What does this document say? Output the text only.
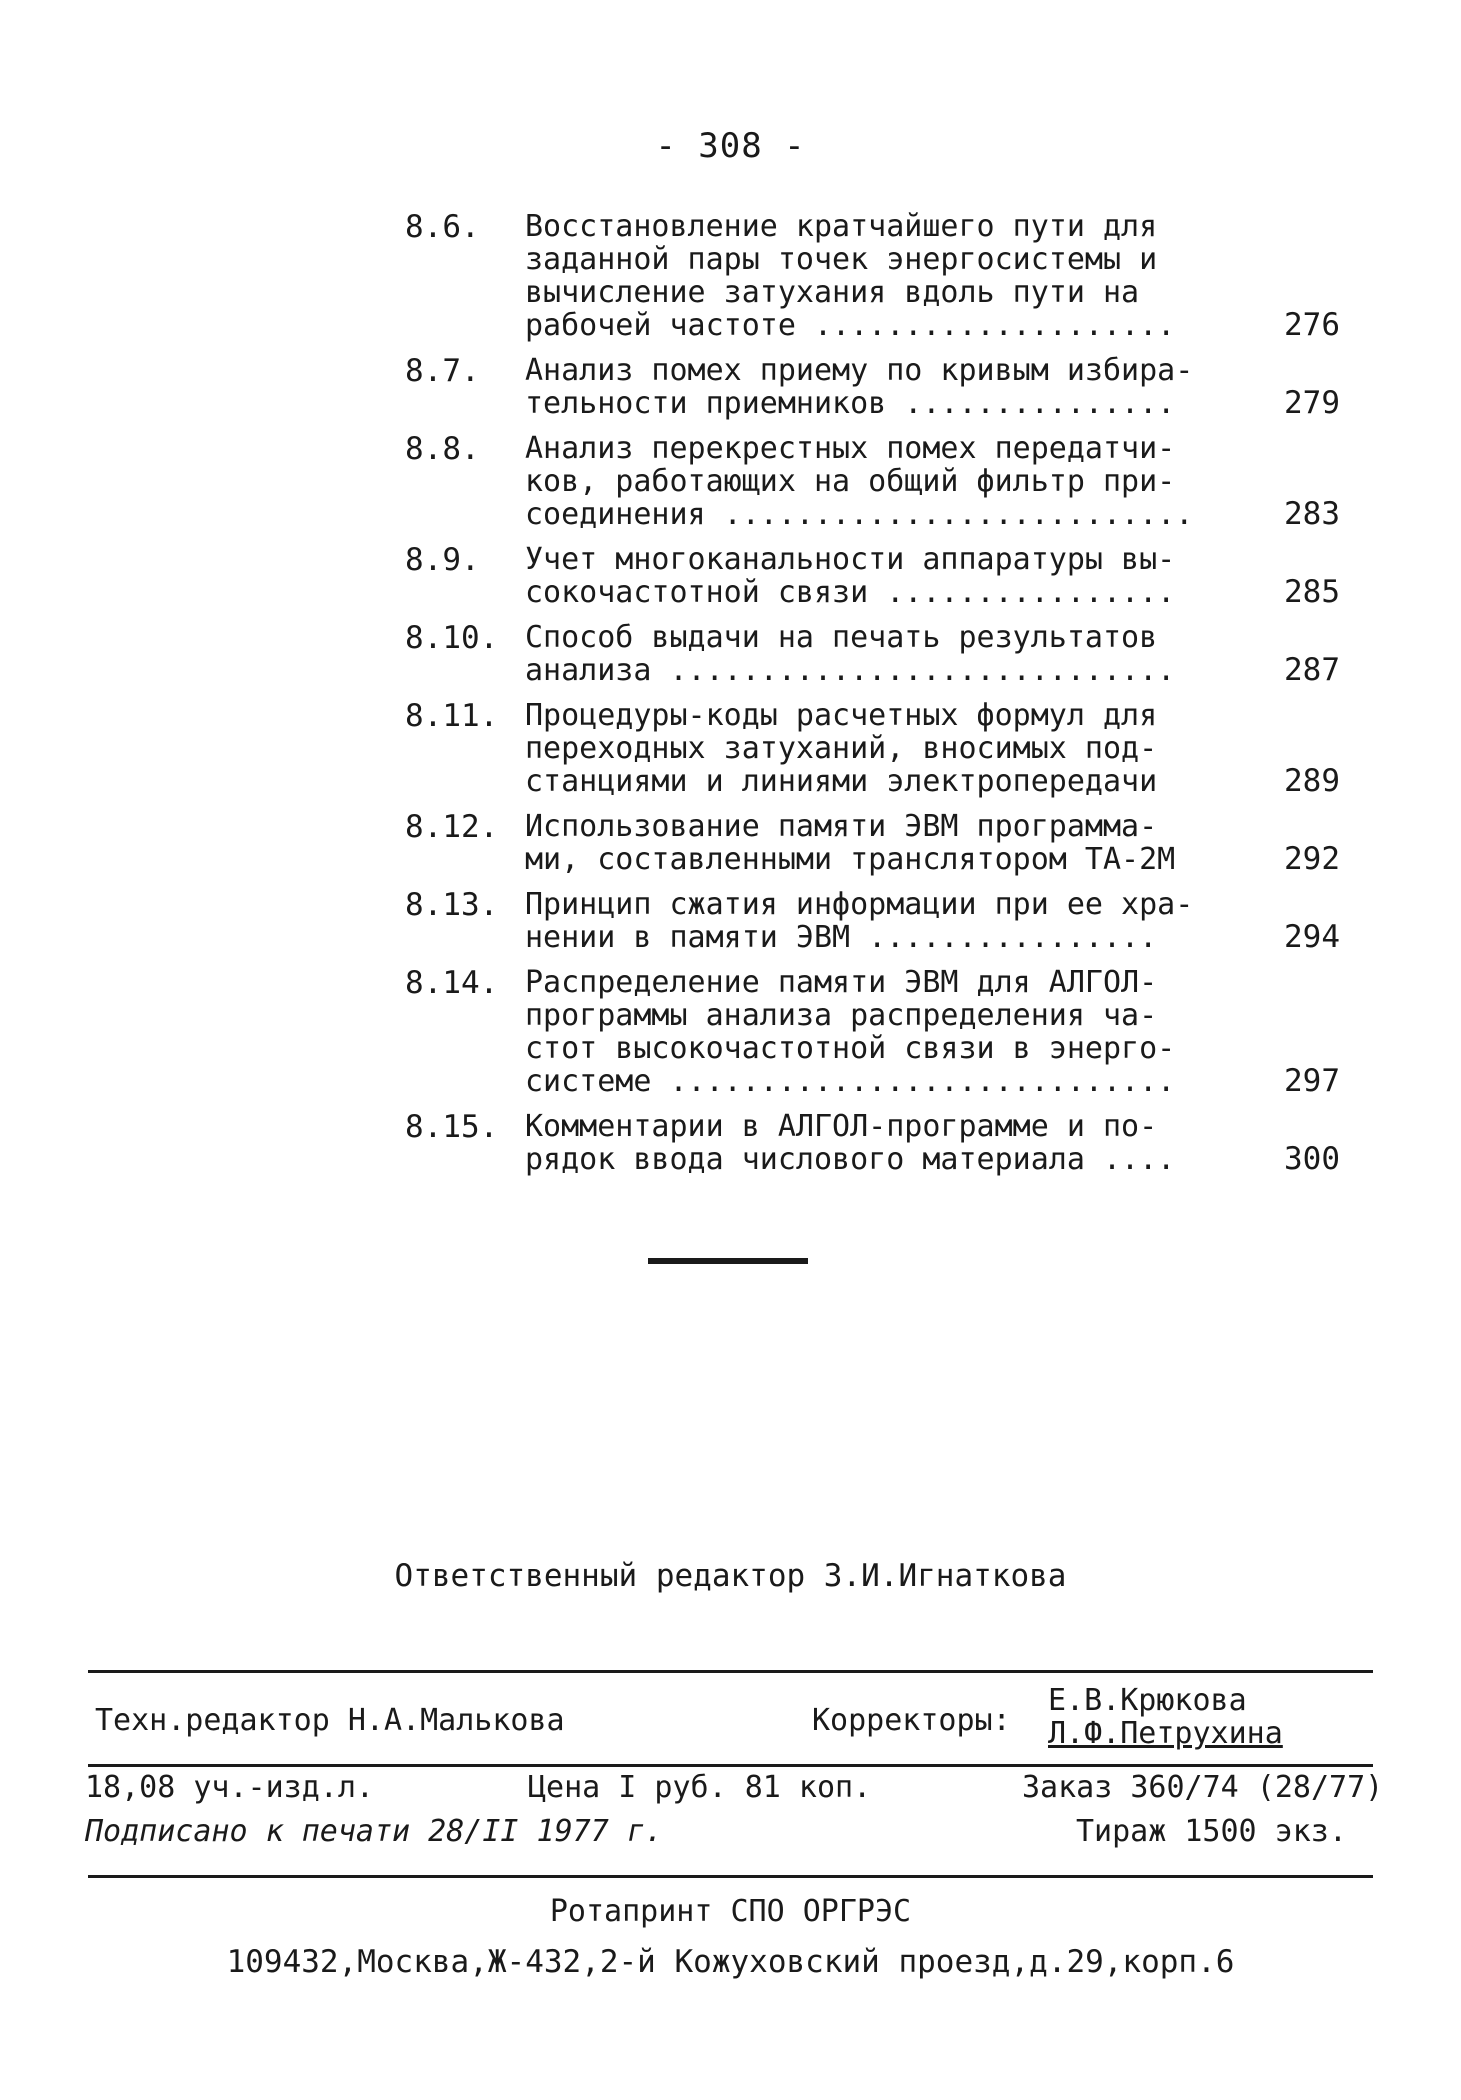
- 308 -
8.6.	Восстановление кратчайшего пути для
заданной пары точек энергосистемы и
вычисление затухания вдоль пути на
рабочей частоте ....................	276
8.7.	Анализ помех приему по кривым избира-
тельности приемников ...............	279
8.8.	Анализ перекрестных помех передатчи-
ков, работающих на общий фильтр при-
соединения ..........................	283
8.9.	Учет многоканальности аппаратуры вы-
сокочастотной связи ................	285
8.10. Способ выдачи на печать результатов
анализа ............................	287
8.11. Процедуры-коды расчетных формул для
переходных затуханий, вносимых под-
станциями и линиями электропередачи	289
8.12. Использование памяти ЭВМ программа-
ми, составленными транслятором ТА-2М	292
8.13. Принцип сжатия информации при ее хра-
нении в памяти ЭВМ ................	294
8.14. Распределение памяти ЭВМ для АЛГОЛ-
программы анализа распределения ча-
стот высокочастотной связи в энерго-
системе ............................	297
8.15. Комментарии в АЛГОЛ-программе и по-
рядок ввода числового материала ....	300
Ответственный редактор З.И.Игнаткова
Техн.редактор Н.А.Малькова	Корректоры:
Е.В.Крюкова
Л.Ф.Петрухина
18,08 уч.-изд.л.	Цена I руб. 81 коп.	Заказ 360/74 (28/77)
Подписано к печати 28/II 1977 г.	Тираж 1500 экз.
Ротапринт СПО ОРГРЭС
109432,Москва,Ж-432,2-й Кожуховский проезд,д.29,корп.6
